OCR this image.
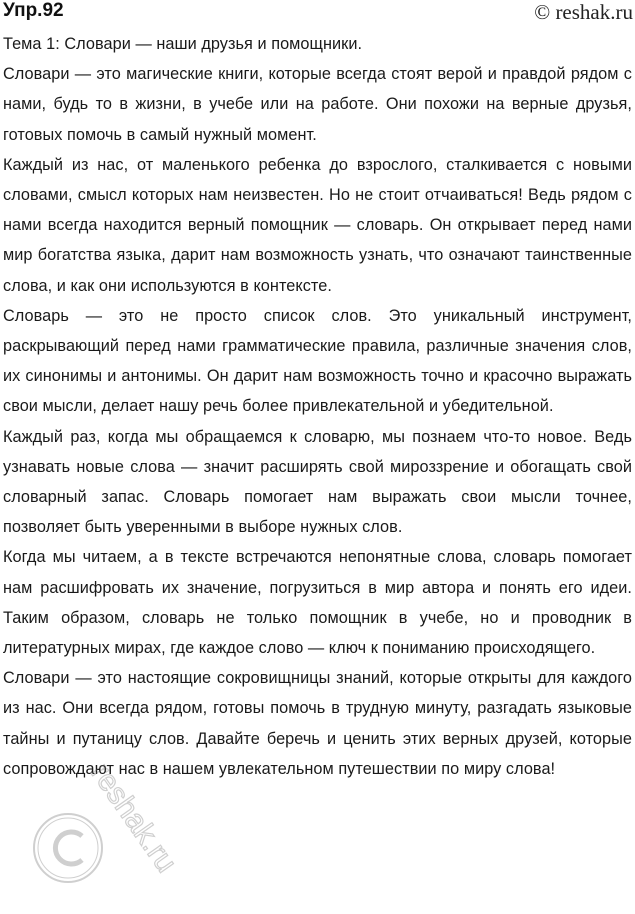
Упр.92	© reshak.ru

Тема 1: Словари — наши друзья и помощники.

Словари — это магические книги, которые всегда стоят верой и правдой рядом с нами, будь то в жизни, в учебе или на работе. Они похожи на верные друзья, готовых помочь в самый нужный момент.

Каждый из нас, от маленького ребенка до взрослого, сталкивается с новыми словами, смысл которых нам неизвестен. Но не стоит отчаиваться! Ведь рядом с нами всегда находится верный помощник — словарь. Он открывает перед нами мир богатства языка, дарит нам возможность узнать, что означают таинственные слова, и как они используются в контексте.

Словарь — это не просто список слов. Это уникальный инструмент, раскрывающий перед нами грамматические правила, различные значения слов, их синонимы и антонимы. Он дарит нам возможность точно и красочно выражать свои мысли, делает нашу речь более привлекательной и убедительной.

Каждый раз, когда мы обращаемся к словарю, мы познаем что-то новое. Ведь узнавать новые слова — значит расширять свой мироззрение и обогащать свой словарный запас. Словарь помогает нам выражать свои мысли точнее, позволяет быть уверенными в выборе нужных слов.

Когда мы читаем, а в тексте встречаются непонятные слова, словарь помогает нам расшифровать их значение, погрузиться в мир автора и понять его идеи. Таким образом, словарь не только помощник в учебе, но и проводник в литературных мирах, где каждое слово — ключ к пониманию происходящего.

Словари — это настоящие сокровищницы знаний, которые открыты для каждого из нас. Они всегда рядом, готовы помочь в трудную минуту, разгадать языковые тайны и путаницу слов. Давайте беречь и ценить этих верных друзей, которые сопровождают нас в нашем увлекательном путешествии по миру слова!

reshak.ru
